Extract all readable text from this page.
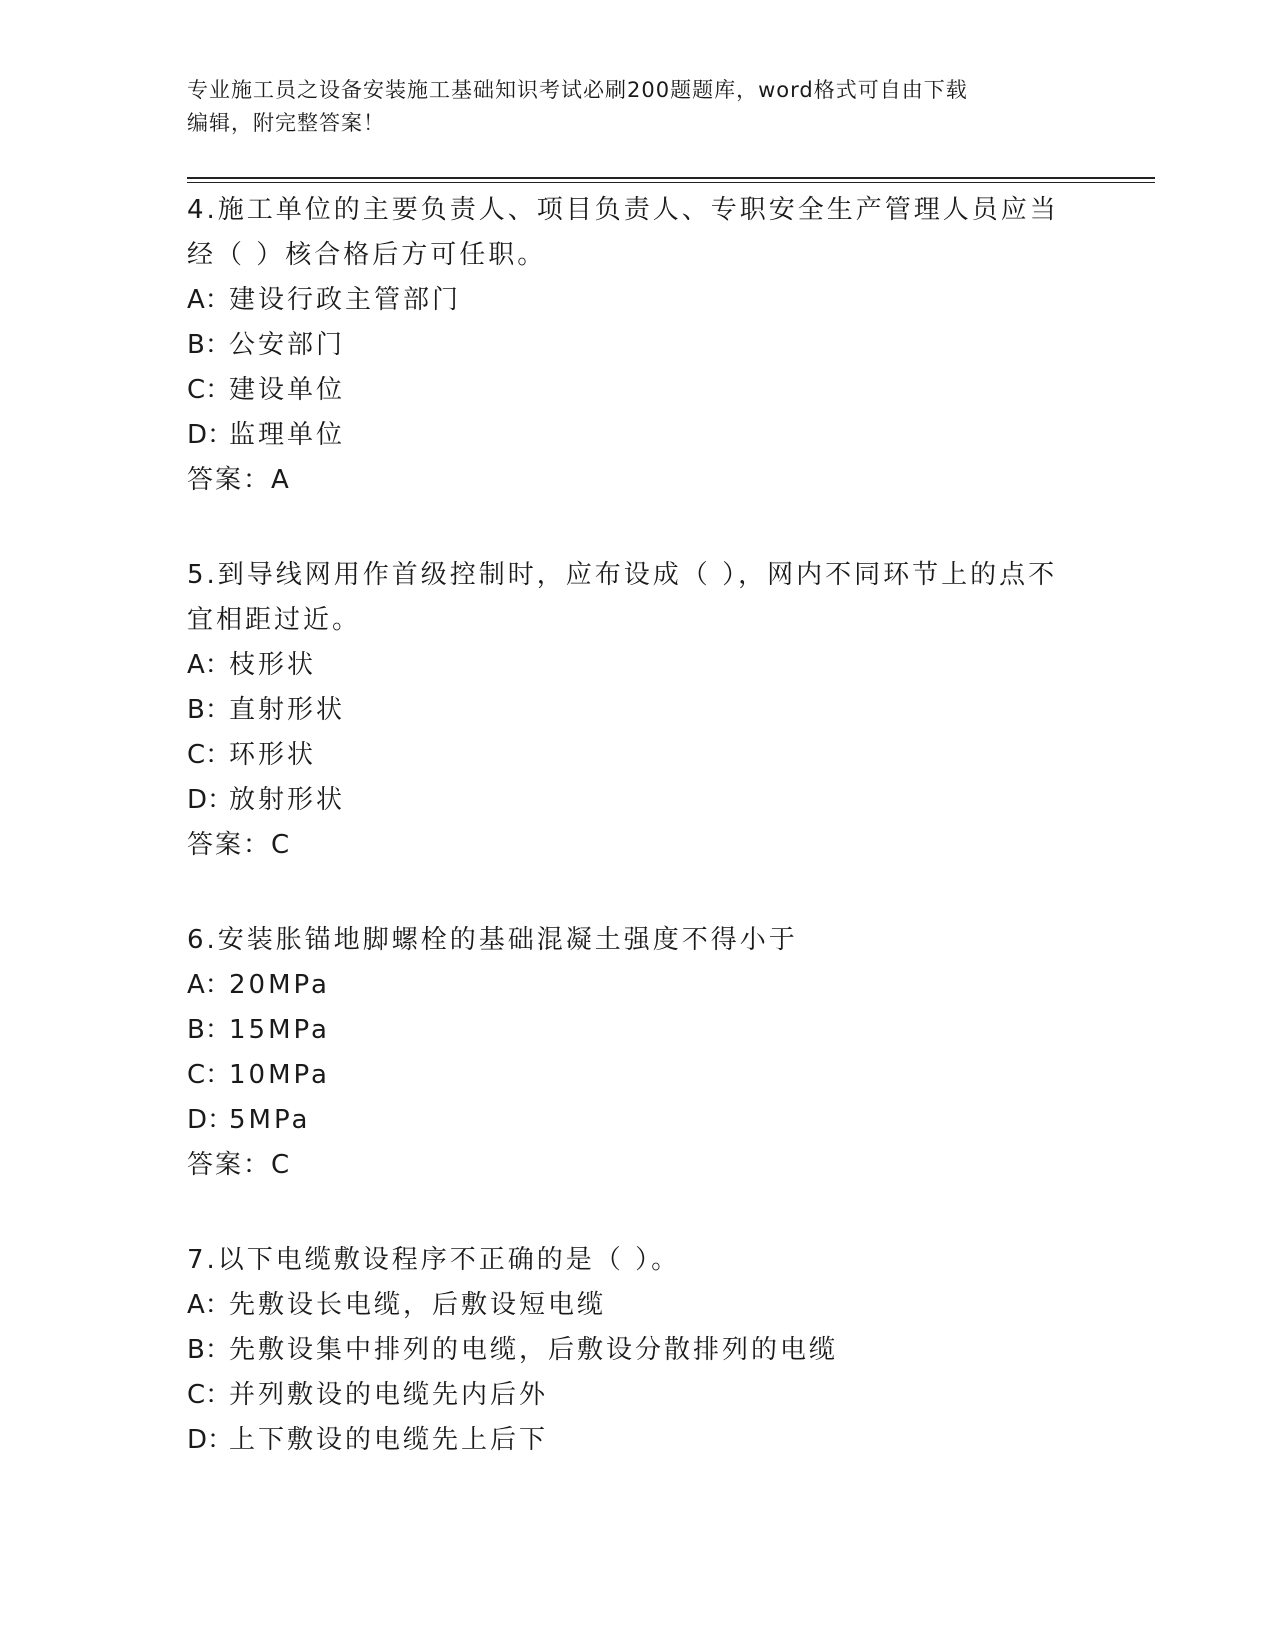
专业施工员之设备安装施工基础知识考试必刷200题题库，word格式可自由下载
编辑，附完整答案！
4.施工单位的主要负责人、项目负责人、专职安全生产管理人员应当
经（ ）核合格后方可任职。
A：建设行政主管部门
B：公安部门
C：建设单位
D：监理单位
答案：A
5.到导线网用作首级控制时，应布设成（ ），网内不同环节上的点不
宜相距过近。
A：枝形状
B：直射形状
C：环形状
D：放射形状
答案：C
6.安装胀锚地脚螺栓的基础混凝土强度不得小于
A：20MPa
B：15MPa
C：10MPa
D：5MPa
答案：C
7.以下电缆敷设程序不正确的是（ ）。
A：先敷设长电缆，后敷设短电缆
B：先敷设集中排列的电缆，后敷设分散排列的电缆
C：并列敷设的电缆先内后外
D：上下敷设的电缆先上后下
